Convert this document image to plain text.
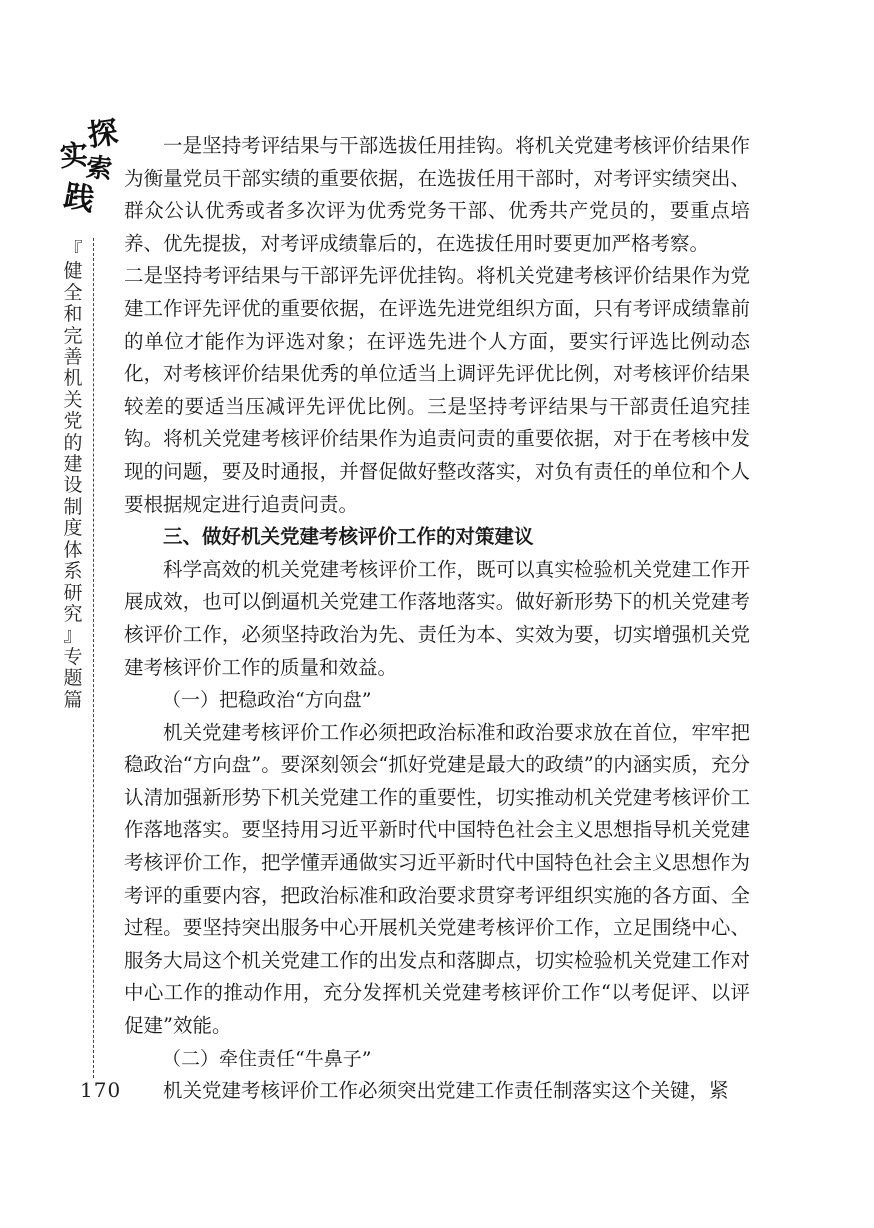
探
索
实
践
『
健
全
和
完
善
机
关
党
的
建
设
制
度
体
系
研
究
』
专
题
篇
170

一是坚持考评结果与干部选拔任用挂钩。将机关党建考核评价结果作为衡量党员干部实绩的重要依据，在选拔任用干部时，对考评实绩突出、群众公认优秀或者多次评为优秀党务干部、优秀共产党员的，要重点培养、优先提拔，对考评成绩靠后的，在选拔任用时要更加严格考察。

二是坚持考评结果与干部评先评优挂钩。将机关党建考核评价结果作为党建工作评先评优的重要依据，在评选先进党组织方面，只有考评成绩靠前的单位才能作为评选对象；在评选先进个人方面，要实行评选比例动态化，对考核评价结果优秀的单位适当上调评先评优比例，对考核评价结果较差的要适当压减评先评优比例。三是坚持考评结果与干部责任追究挂钩。将机关党建考核评价结果作为追责问责的重要依据，对于在考核中发现的问题，要及时通报，并督促做好整改落实，对负有责任的单位和个人要根据规定进行追责问责。

三、做好机关党建考核评价工作的对策建议

科学高效的机关党建考核评价工作，既可以真实检验机关党建工作开展成效，也可以倒逼机关党建工作落地落实。做好新形势下的机关党建考核评价工作，必须坚持政治为先、责任为本、实效为要，切实增强机关党建考核评价工作的质量和效益。

（一）把稳政治“方向盘”

机关党建考核评价工作必须把政治标准和政治要求放在首位，牢牢把稳政治“方向盘”。要深刻领会“抓好党建是最大的政绩”的内涵实质，充分认清加强新形势下机关党建工作的重要性，切实推动机关党建考核评价工作落地落实。要坚持用习近平新时代中国特色社会主义思想指导机关党建考核评价工作，把学懂弄通做实习近平新时代中国特色社会主义思想作为考评的重要内容，把政治标准和政治要求贯穿考评组织实施的各方面、全过程。要坚持突出服务中心开展机关党建考核评价工作，立足围绕中心、服务大局这个机关党建工作的出发点和落脚点，切实检验机关党建工作对中心工作的推动作用，充分发挥机关党建考核评价工作“以考促评、以评促建”效能。

（二）牵住责任“牛鼻子”

机关党建考核评价工作必须突出党建工作责任制落实这个关键，紧
